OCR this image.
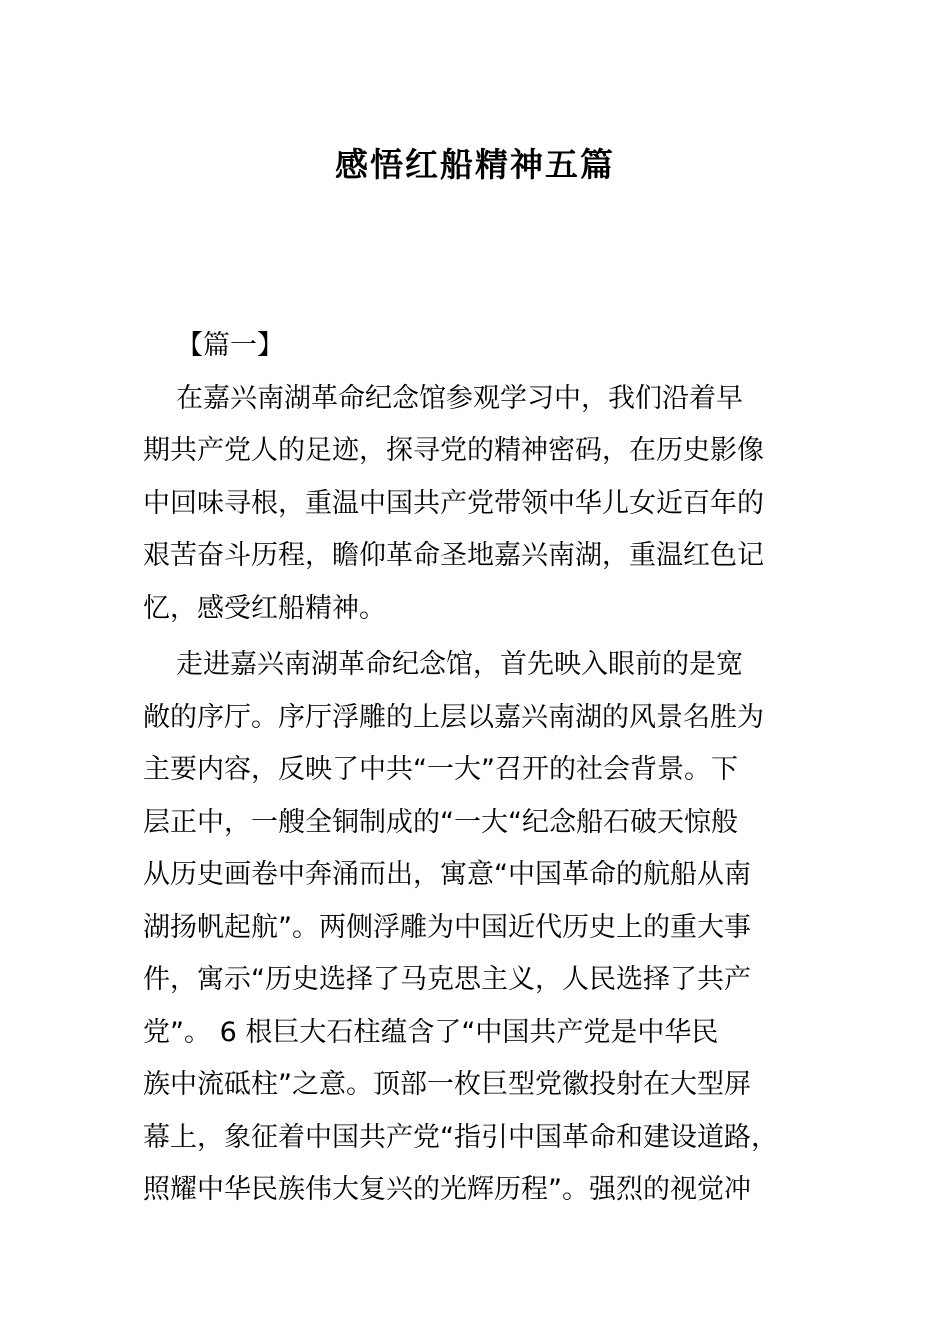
感悟红船精神五篇

【篇一】

在嘉兴南湖革命纪念馆参观学习中，我们沿着早
期共产党人的足迹，探寻党的精神密码，在历史影像
中回味寻根，重温中国共产党带领中华儿女近百年的
艰苦奋斗历程，瞻仰革命圣地嘉兴南湖，重温红色记
忆，感受红船精神。

走进嘉兴南湖革命纪念馆，首先映入眼前的是宽
敞的序厅。序厅浮雕的上层以嘉兴南湖的风景名胜为
主要内容，反映了中共“一大”召开的社会背景。下
层正中，一艘全铜制成的“一大“纪念船石破天惊般
从历史画卷中奔涌而出，寓意“中国革命的航船从南
湖扬帆起航”。两侧浮雕为中国近代历史上的重大事
件，寓示“历史选择了马克思主义，人民选择了共产
党”。 6 根巨大石柱蕴含了“中国共产党是中华民
族中流砥柱”之意。顶部一枚巨型党徽投射在大型屏
幕上，象征着中国共产党“指引中国革命和建设道路，
照耀中华民族伟大复兴的光辉历程”。强烈的视觉冲
